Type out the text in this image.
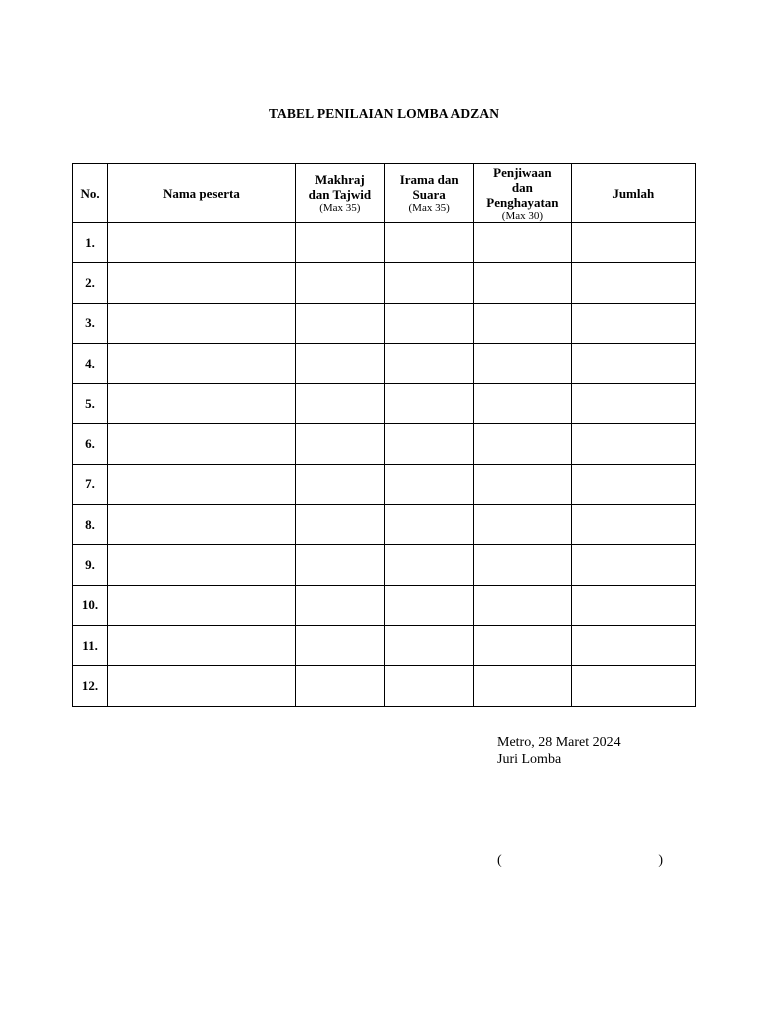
TABEL PENILAIAN LOMBA ADZAN
No.	Nama peserta	Makhraj
dan Tajwid
(Max 35)	Irama dan
Suara
(Max 35)	Penjiwaan
dan
Penghayatan
(Max 30)	Jumlah
1.					
2.					
3.					
4.					
5.					
6.					
7.					
8.					
9.					
10.					
11.					
12.					
Metro, 28 Maret 2024
Juri Lomba
(	)
